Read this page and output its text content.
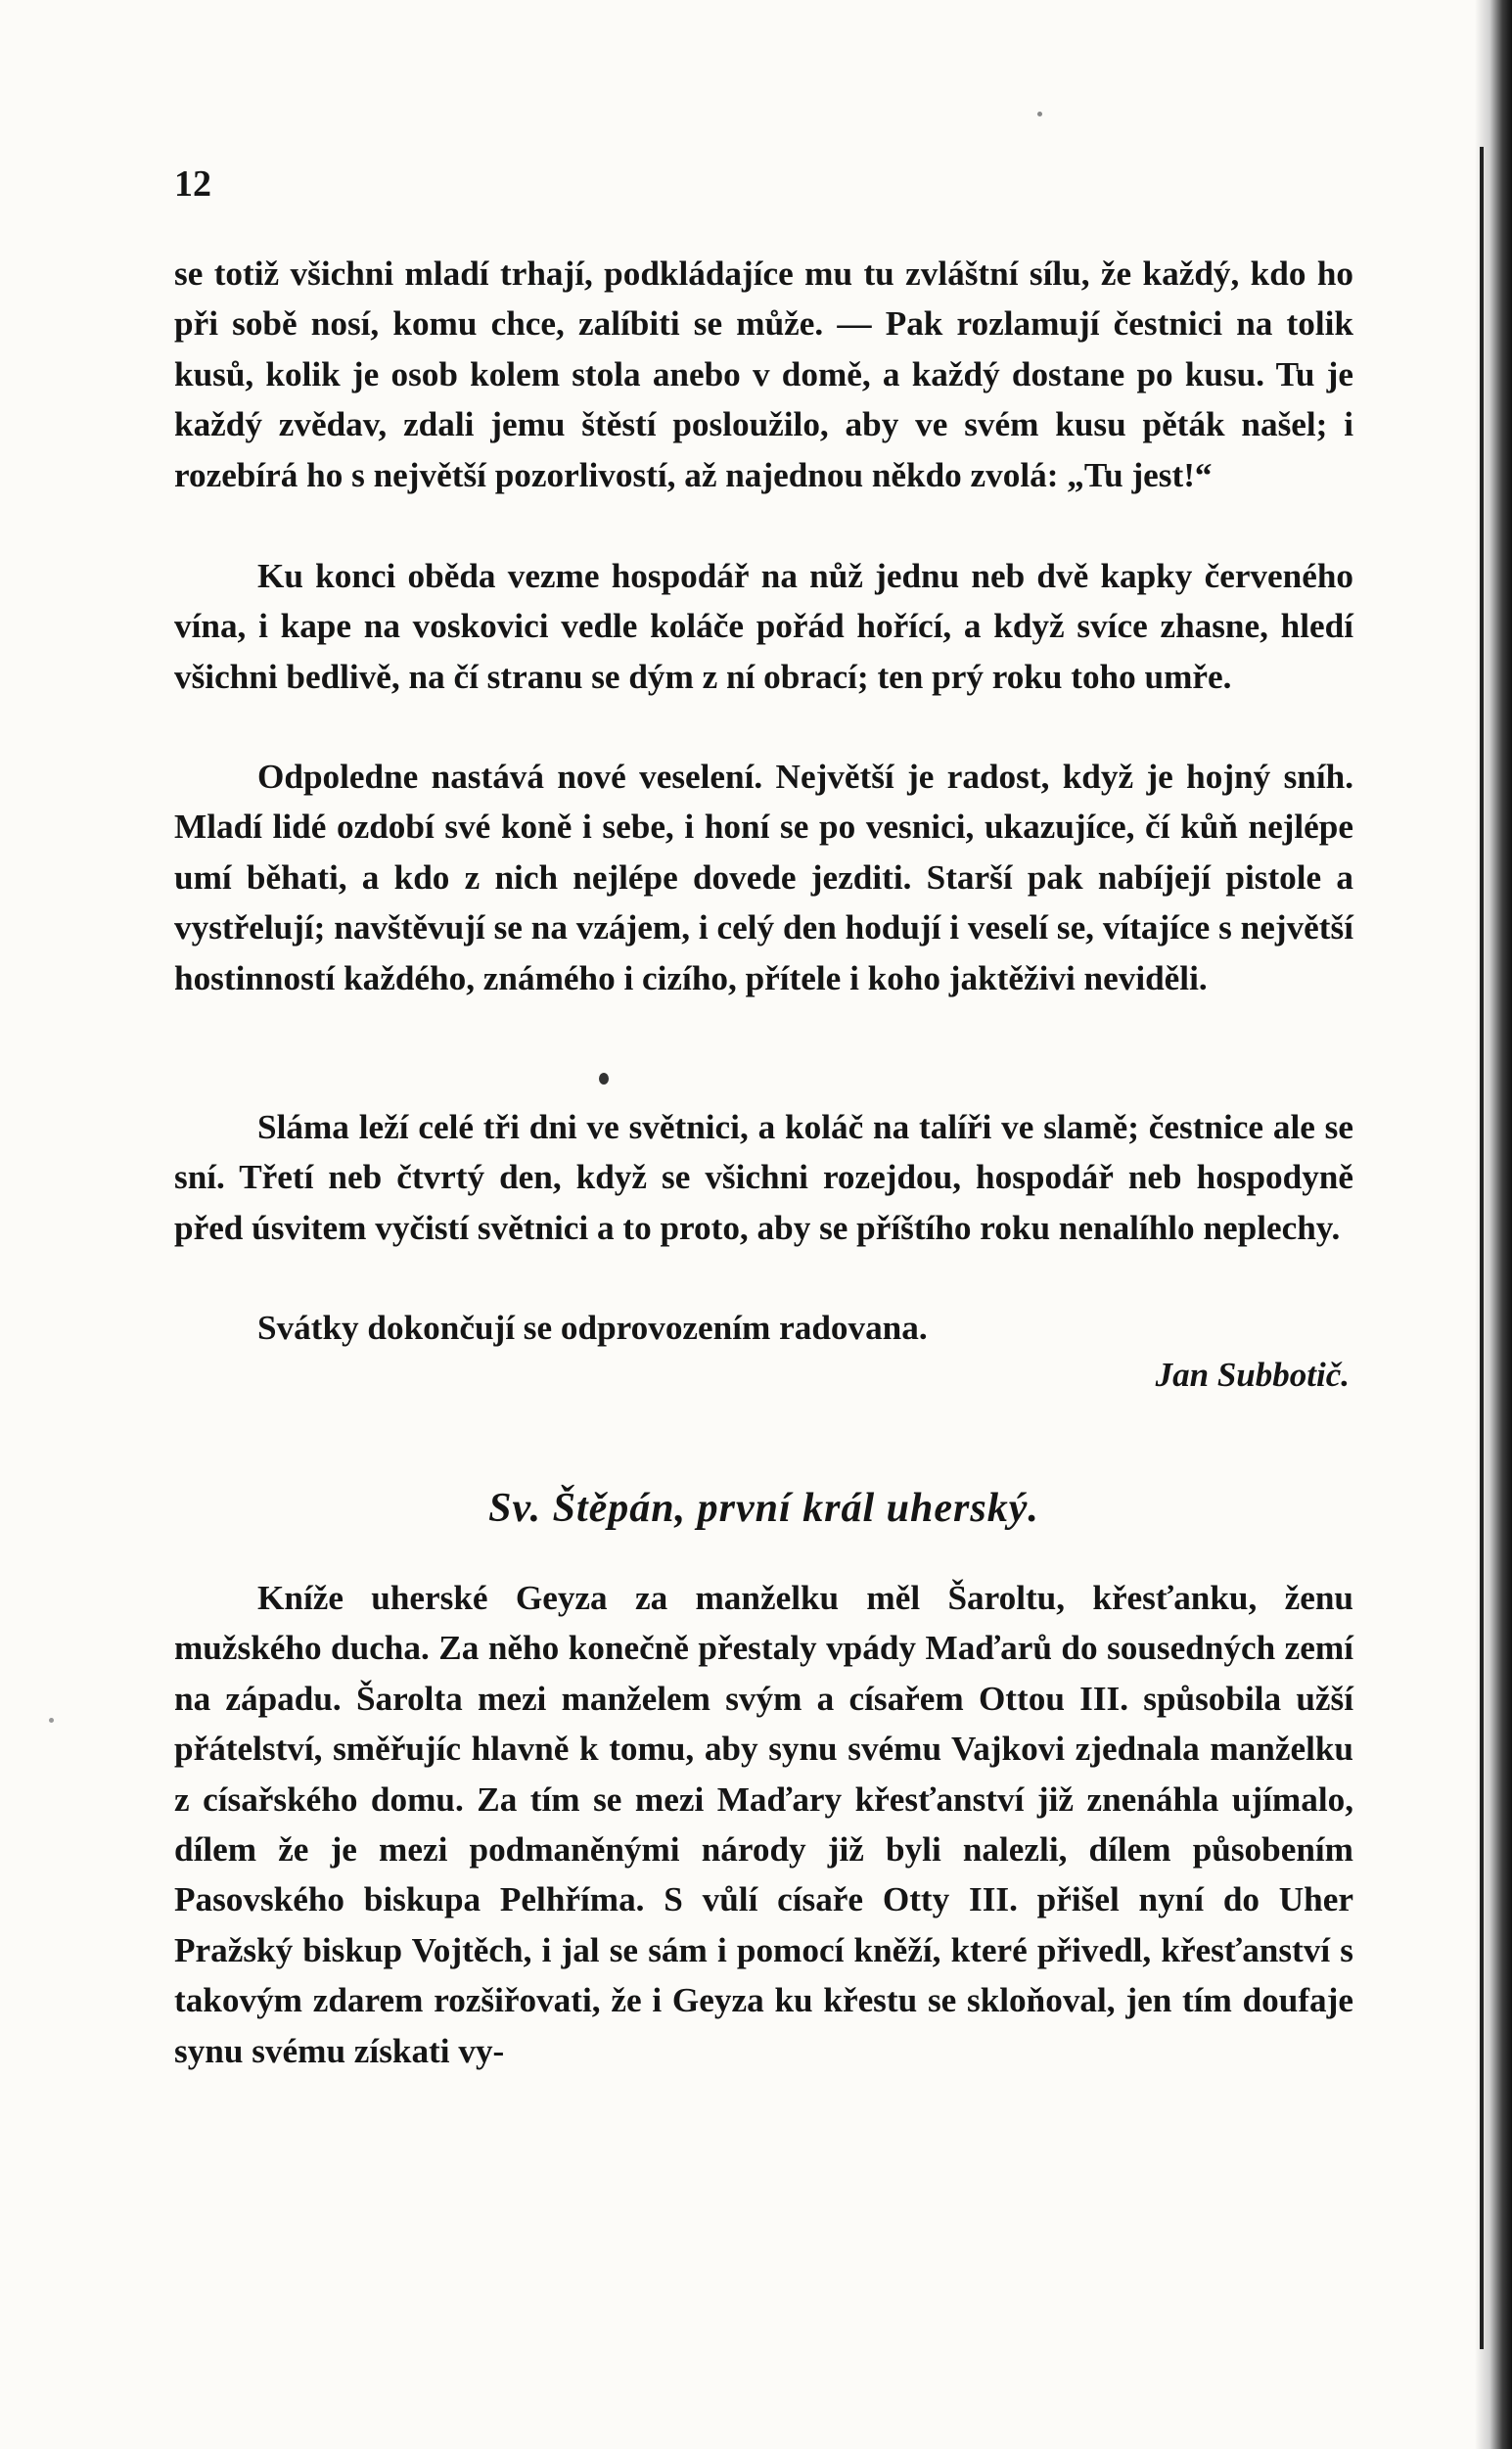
12

se totiž všichni mladí trhají, podkládajíce mu tu zvláštní sílu, že každý, kdo ho při sobě nosí, komu chce, zalíbiti se může. — Pak rozlamují čestnici na tolik kusů, kolik je osob kolem stola anebo v domě, a každý dostane po kusu. Tu je každý zvědav, zdali jemu štěstí posloužilo, aby ve svém kusu pěták našel; i rozebírá ho s největší pozorlivostí, až najednou někdo zvolá: „Tu jest!“

Ku konci oběda vezme hospodář na nůž jednu neb dvě kapky červeného vína, i kape na voskovici vedle koláče pořád hořící, a když svíce zhasne, hledí všichni bedlivě, na čí stranu se dým z ní obrací; ten prý roku toho umře.

Odpoledne nastává nové veselení. Největší je radost, když je hojný sníh. Mladí lidé ozdobí své koně i sebe, i honí se po vesnici, ukazujíce, čí kůň nejlépe umí běhati, a kdo z nich nejlépe dovede jezditi. Starší pak nabíjejí pistole a vystřelují; navštěvují se na vzájem, i celý den hodují i veselí se, vítajíce s největší hostinností každého, známého i cizího, přítele i koho jaktěživi neviděli.

Sláma leží celé tři dni ve světnici, a koláč na talíři ve slamě; čestnice ale se sní. Třetí neb čtvrtý den, když se všichni rozejdou, hospodář neb hospodyně před úsvitem vyčistí světnici a to proto, aby se příštího roku nenalíhlo neplechy.

Svátky dokončují se odprovozením radovana.

Jan Subbotič.
Sv. Štěpán, první král uherský.

Kníže uherské Geyza za manželku měl Šaroltu, křesťanku, ženu mužského ducha. Za něho konečně přestaly vpády Maďarů do sousedných zemí na západu. Šarolta mezi manželem svým a císařem Ottou III. spůsobila užší přátelství, směřujíc hlavně k tomu, aby synu svému Vajkovi zjednala manželku z císařského domu. Za tím se mezi Maďary křesťanství již znenáhla ujímalo, dílem že je mezi podmaněnými národy již byli nalezli, dílem působením Pasovského biskupa Pelhříma. S vůlí císaře Otty III. přišel nyní do Uher Pražský biskup Vojtěch, i jal se sám i pomocí kněží, které přivedl, křesťanství s takovým zdarem rozšiřovati, že i Geyza ku křestu se skloňoval, jen tím doufaje synu svému získati vy-
